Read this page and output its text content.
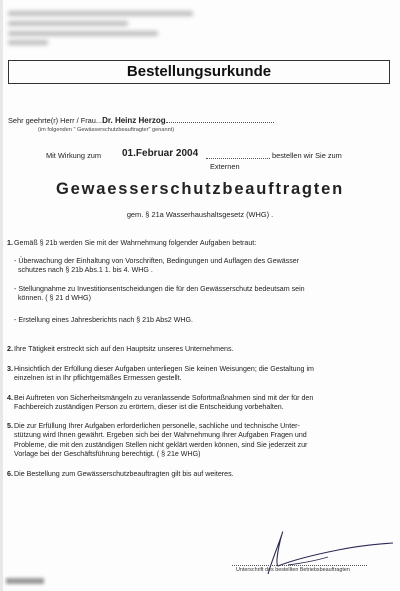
Bestellungsurkunde
Sehr geehrte(r) Herr / Frau...Dr. Heinz Herzog
(im folgenden " Gewässerschutzbeauftragter" genannt)
Mit Wirkung zum 01.Februar 2004	bestellen wir Sie zum
Externen
Gewaesserschutzbeauftragten
gem. § 21a Wasserhaushaltsgesetz (WHG) .
1. Gemäß § 21b werden Sie mit der Wahrnehmung folgender Aufgaben betraut:
- Überwachung der Einhaltung von Vorschriften, Bedingungen und Auflagen des Gewässer
schutzes nach § 21b Abs.1 1. bis 4. WHG .
- Stellungnahme zu Investitionsentscheidungen die für den Gewässerschutz bedeutsam sein
können. ( § 21 d WHG)
- Erstellung eines Jahresberichts nach § 21b Abs2 WHG.
2. Ihre Tätigkeit erstreckt sich auf den Hauptsitz unseres Unternehmens.
3. Hinsichtlich der Erfüllung dieser Aufgaben unterliegen Sie keinen Weisungen; die Gestaltung im
einzelnen ist in Ihr pflichtgemäßes Ermessen gestellt.
4. Bei Auftreten von Sicherheitsmängeln zu veranlassende Sofortmaßnahmen sind mit der für den
Fachbereich zuständigen Person zu erörtern, dieser ist die Entscheidung vorbehalten.
5. Die zur Erfüllung Ihrer Aufgaben erforderlichen personelle, sachliche und technische Unter-
stützung wird Ihnen gewährt. Ergeben sich bei der Wahrnehmung Ihrer Aufgaben Fragen und
Probleme, die mit den zuständigen Stellen nicht geklärt werden können, sind Sie jederzeit zur
Vorlage bei der Geschäftsführung berechtigt. ( § 21e WHG)
6. Die Bestellung zum Gewässerschutzbeauftragten gilt bis auf weiteres.
Unterschrift des bestellten Betriebsbeauftragten
